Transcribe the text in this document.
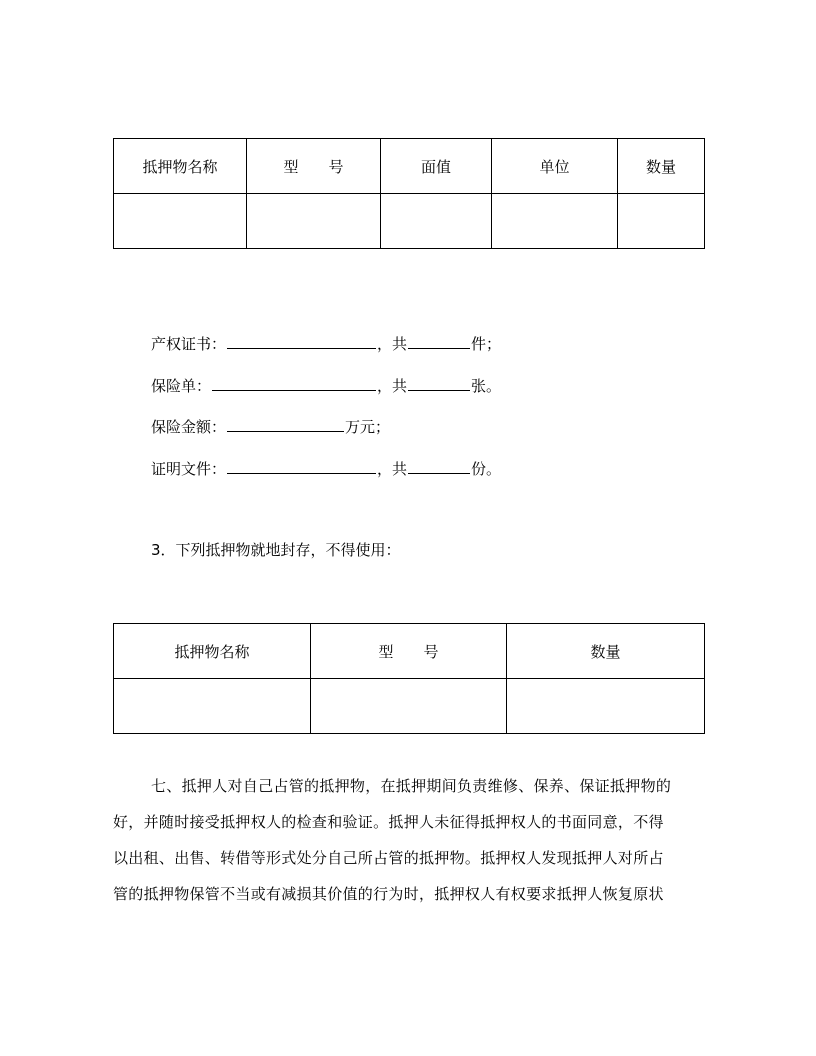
抵押物名称	型　　号	面值	单位	数量

产权证书：	，共	件；
保险单：	，共	张。
保险金额：	万元；
证明文件：	，共	份。
3．下列抵押物就地封存，不得使用：
抵押物名称	型　　号	数量

七、抵押人对自己占管的抵押物，在抵押期间负责维修、保养、保证抵押物的

好，并随时接受抵押权人的检查和验证。抵押人未征得抵押权人的书面同意，不得

以出租、出售、转借等形式处分自己所占管的抵押物。抵押权人发现抵押人对所占

管的抵押物保管不当或有减损其价值的行为时，抵押权人有权要求抵押人恢复原状
